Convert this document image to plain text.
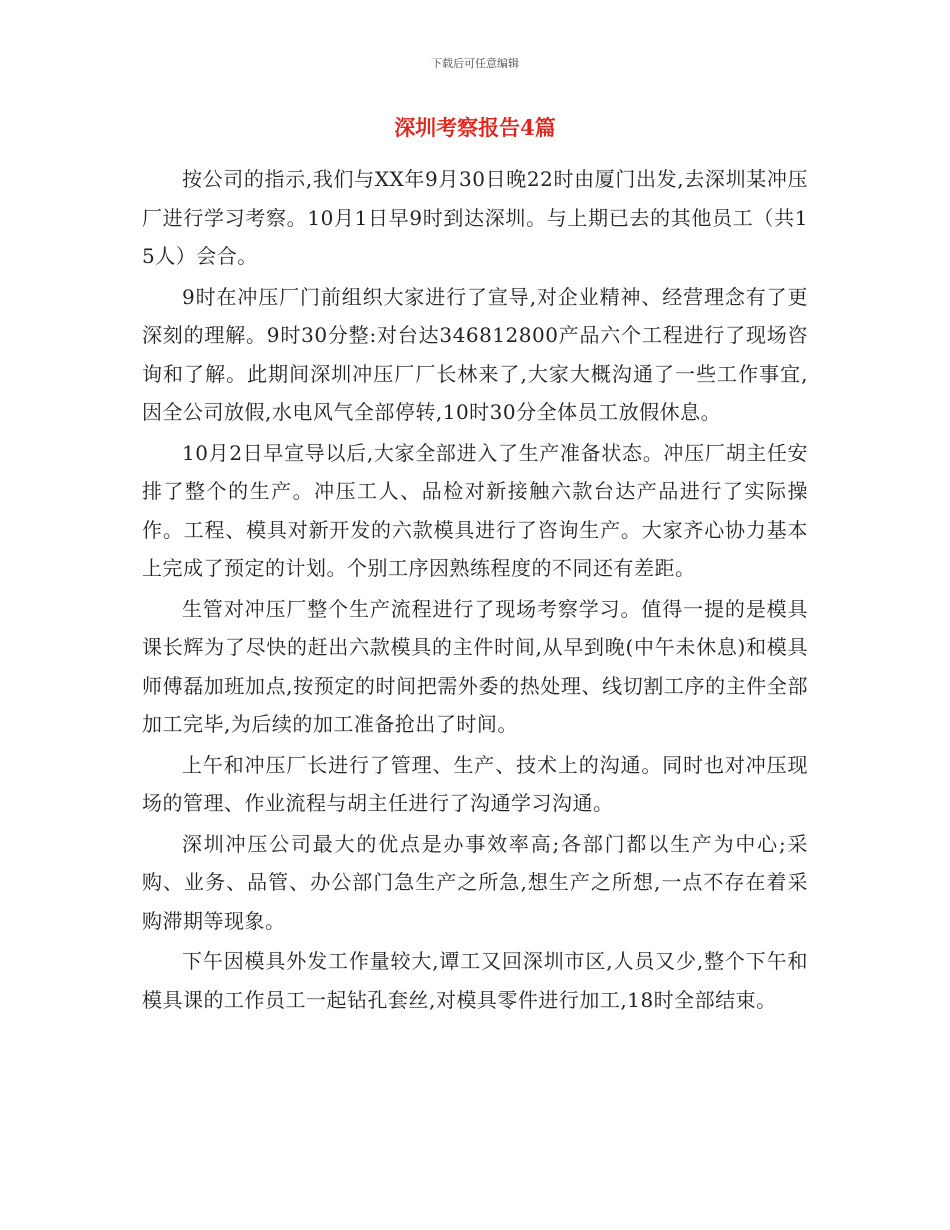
下载后可任意编辑
深圳考察报告4篇

按公司的指示,我们与XX年9月30日晚22时由厦门出发,去深圳某冲压厂进行学习考察。10月1日早9时到达深圳。与上期已去的其他员工（共15人）会合。

9时在冲压厂门前组织大家进行了宣导,对企业精神、经营理念有了更深刻的理解。9时30分整:对台达346812800产品六个工程进行了现场咨询和了解。此期间深圳冲压厂厂长林来了,大家大概沟通了一些工作事宜,因全公司放假,水电风气全部停转,10时30分全体员工放假休息。

10月2日早宣导以后,大家全部进入了生产准备状态。冲压厂胡主任安排了整个的生产。冲压工人、品检对新接触六款台达产品进行了实际操作。工程、模具对新开发的六款模具进行了咨询生产。大家齐心协力基本上完成了预定的计划。个别工序因熟练程度的不同还有差距。

生管对冲压厂整个生产流程进行了现场考察学习。值得一提的是模具课长辉为了尽快的赶出六款模具的主件时间,从早到晚(中午未休息)和模具师傅磊加班加点,按预定的时间把需外委的热处理、线切割工序的主件全部加工完毕,为后续的加工准备抢出了时间。

上午和冲压厂长进行了管理、生产、技术上的沟通。同时也对冲压现场的管理、作业流程与胡主任进行了沟通学习沟通。

深圳冲压公司最大的优点是办事效率高;各部门都以生产为中心;采购、业务、品管、办公部门急生产之所急,想生产之所想,一点不存在着采购滞期等现象。

下午因模具外发工作量较大,谭工又回深圳市区,人员又少,整个下午和模具课的工作员工一起钻孔套丝,对模具零件进行加工,18时全部结束。
